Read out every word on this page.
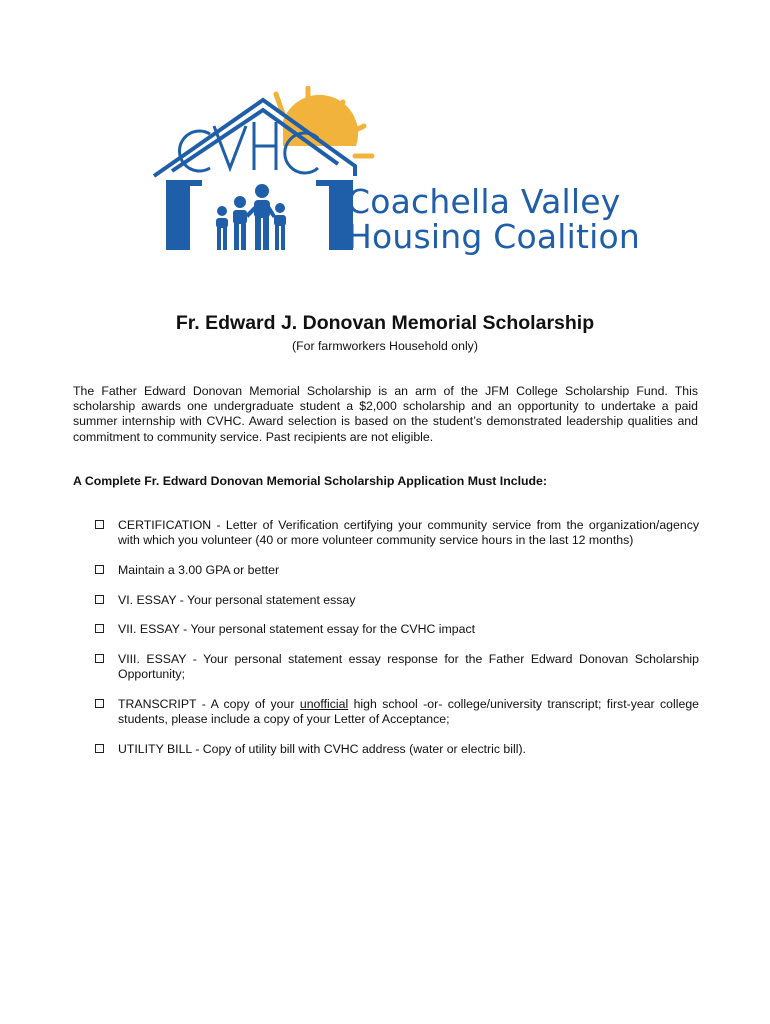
Coachella Valley
Housing Coalition
Fr. Edward J. Donovan Memorial Scholarship
(For farmworkers Household only)

The Father Edward Donovan Memorial Scholarship is an arm of the JFM College Scholarship Fund. This scholarship awards one undergraduate student a $2,000 scholarship and an opportunity to undertake a paid summer internship with CVHC. Award selection is based on the student’s demonstrated leadership qualities and commitment to community service. Past recipients are not eligible.

A Complete Fr. Edward Donovan Memorial Scholarship Application Must Include:

CERTIFICATION - Letter of Verification certifying your community service from the organization/agency with which you volunteer (40 or more volunteer community service hours in the last 12 months)
Maintain a 3.00 GPA or better
VI. ESSAY - Your personal statement essay
VII. ESSAY - Your personal statement essay for the CVHC impact
VIII. ESSAY - Your personal statement essay response for the Father Edward Donovan Scholarship Opportunity;
TRANSCRIPT - A copy of your unofficial high school -or- college/university transcript; first-year college students, please include a copy of your Letter of Acceptance;
UTILITY BILL - Copy of utility bill with CVHC address (water or electric bill).
